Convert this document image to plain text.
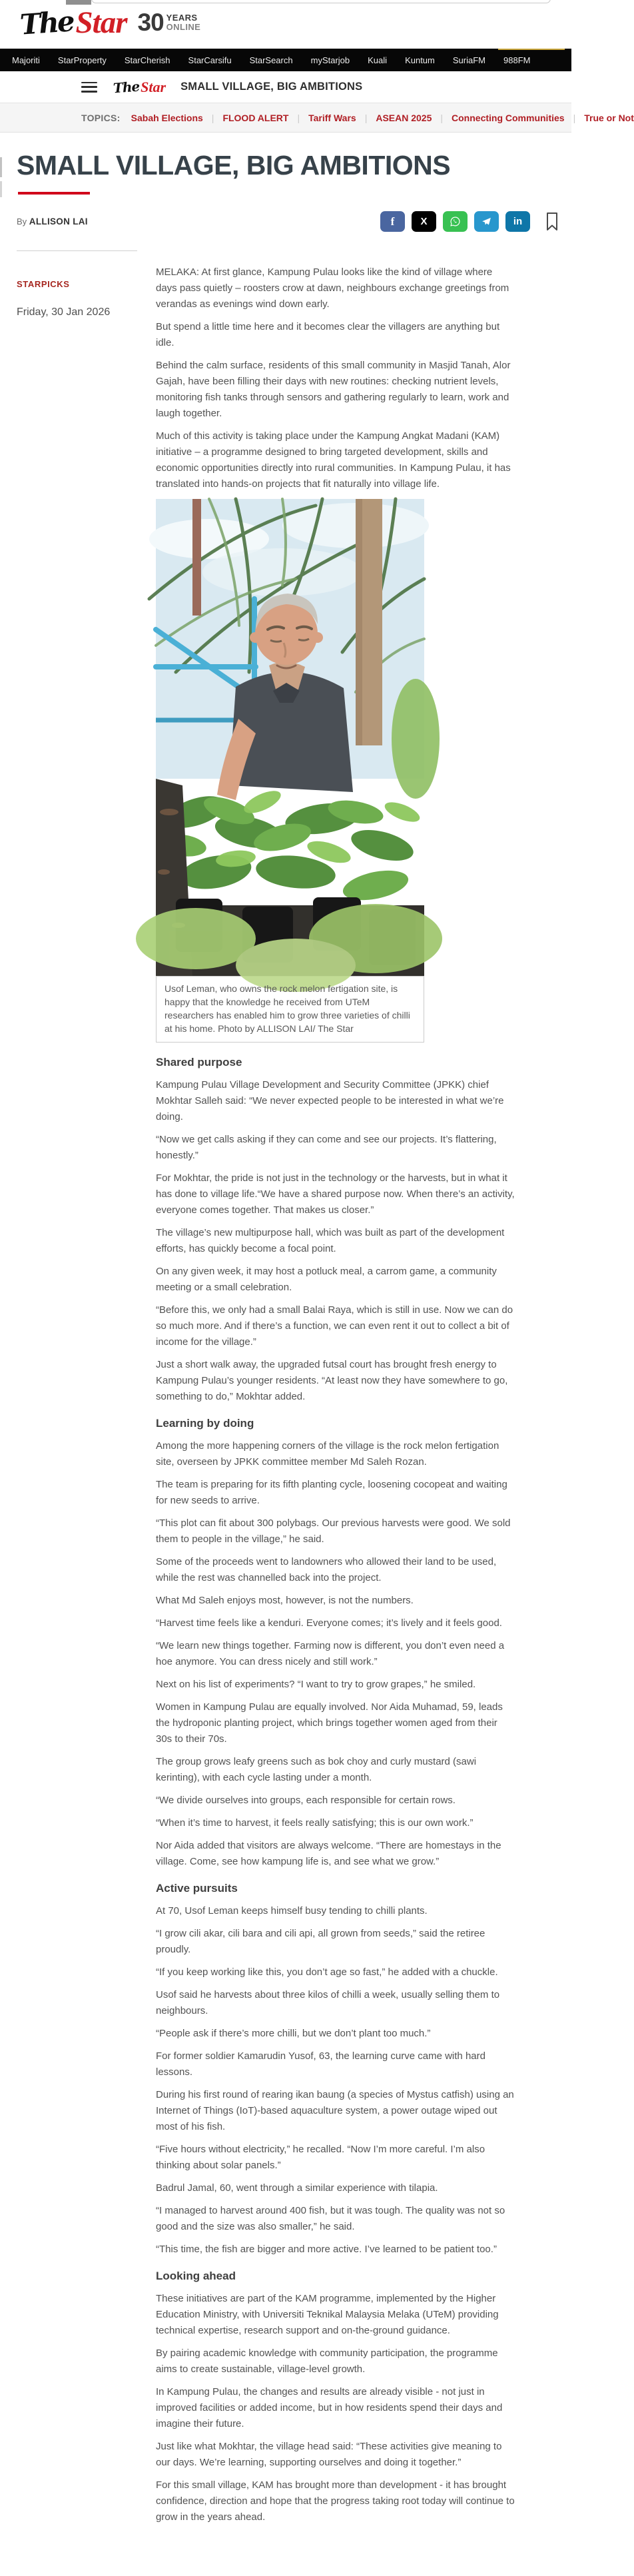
TheStar 30 YEARS
ONLINE
Majoriti StarProperty StarCherish StarCarsifu StarSearch myStarjob Kuali Kuntum SuriaFM 988FM
The Star SMALL VILLAGE, BIG AMBITIONS
TOPICS: Sabah Elections | FLOOD ALERT | Tariff Wars | ASEAN 2025 | Connecting Communities | True or Not
SMALL VILLAGE, BIG AMBITIONS
By ALLISON LAI	f	X	in
STARPICKS
Friday, 30 Jan 2026

MELAKA: At first glance, Kampung Pulau looks like the kind of village where days pass quietly – roosters crow at dawn, neighbours exchange greetings from verandas as evenings wind down early.

But spend a little time here and it becomes clear the villagers are anything but idle.

Behind the calm surface, residents of this small community in Masjid Tanah, Alor Gajah, have been filling their days with new routines: checking nutrient levels, monitoring fish tanks through sensors and gathering regularly to learn, work and laugh together.

Much of this activity is taking place under the Kampung Angkat Madani (KAM) initiative – a programme designed to bring targeted development, skills and economic opportunities directly into rural communities. In Kampung Pulau, it has translated into hands-on projects that fit naturally into village life.

Usof Leman, who owns the rock melon fertigation site, is happy that the knowledge he received from UTeM researchers has enabled him to grow three varieties of chilli at his home. Photo by ALLISON LAI/ The Star
Shared purpose

Kampung Pulau Village Development and Security Committee (JPKK) chief Mokhtar Salleh said: “We never expected people to be interested in what we’re doing.

“Now we get calls asking if they can come and see our projects. It’s flattering, honestly.”

For Mokhtar, the pride is not just in the technology or the harvests, but in what it has done to village life.“We have a shared purpose now. When there’s an activity, everyone comes together. That makes us closer.”

The village’s new multipurpose hall, which was built as part of the development efforts, has quickly become a focal point.

On any given week, it may host a potluck meal, a carrom game, a community meeting or a small celebration.

“Before this, we only had a small Balai Raya, which is still in use. Now we can do so much more. And if there’s a function, we can even rent it out to collect a bit of income for the village.”

Just a short walk away, the upgraded futsal court has brought fresh energy to Kampung Pulau’s younger residents. “At least now they have somewhere to go, something to do,” Mokhtar added.

Learning by doing

Among the more happening corners of the village is the rock melon fertigation site, overseen by JPKK committee member Md Saleh Rozan.

The team is preparing for its fifth planting cycle, loosening cocopeat and waiting for new seeds to arrive.

“This plot can fit about 300 polybags. Our previous harvests were good. We sold them to people in the village,” he said.

Some of the proceeds went to landowners who allowed their land to be used, while the rest was channelled back into the project.

What Md Saleh enjoys most, however, is not the numbers.

“Harvest time feels like a kenduri. Everyone comes; it’s lively and it feels good.

“We learn new things together. Farming now is different, you don’t even need a hoe anymore. You can dress nicely and still work.”

Next on his list of experiments? “I want to try to grow grapes,” he smiled.

Women in Kampung Pulau are equally involved. Nor Aida Muhamad, 59, leads the hydroponic planting project, which brings together women aged from their 30s to their 70s.

The group grows leafy greens such as bok choy and curly mustard (sawi kerinting), with each cycle lasting under a month.

“We divide ourselves into groups, each responsible for certain rows.

“When it’s time to harvest, it feels really satisfying; this is our own work.”

Nor Aida added that visitors are always welcome. “There are homestays in the village. Come, see how kampung life is, and see what we grow.”

Active pursuits

At 70, Usof Leman keeps himself busy tending to chilli plants.

“I grow cili akar, cili bara and cili api, all grown from seeds,” said the retiree proudly.

“If you keep working like this, you don’t age so fast,” he added with a chuckle.

Usof said he harvests about three kilos of chilli a week, usually selling them to neighbours.

“People ask if there’s more chilli, but we don’t plant too much.”

For former soldier Kamarudin Yusof, 63, the learning curve came with hard lessons.

During his first round of rearing ikan baung (a species of Mystus catfish) using an Internet of Things (IoT)-based aquaculture system, a power outage wiped out most of his fish.

“Five hours without electricity,” he recalled. “Now I’m more careful. I’m also thinking about solar panels.”

Badrul Jamal, 60, went through a similar experience with tilapia.

“I managed to harvest around 400 fish, but it was tough. The quality was not so good and the size was also smaller,” he said.

“This time, the fish are bigger and more active. I’ve learned to be patient too.”

Looking ahead

These initiatives are part of the KAM programme, implemented by the Higher Education Ministry, with Universiti Teknikal Malaysia Melaka (UTeM) providing technical expertise, research support and on-the-ground guidance.

By pairing academic knowledge with community participation, the programme aims to create sustainable, village-level growth.

In Kampung Pulau, the changes and results are already visible - not just in improved facilities or added income, but in how residents spend their days and imagine their future.

Just like what Mokhtar, the village head said: “These activities give meaning to our days. We’re learning, supporting ourselves and doing it together.”

For this small village, KAM has brought more than development - it has brought confidence, direction and hope that the progress taking root today will continue to grow in the years ahead.
